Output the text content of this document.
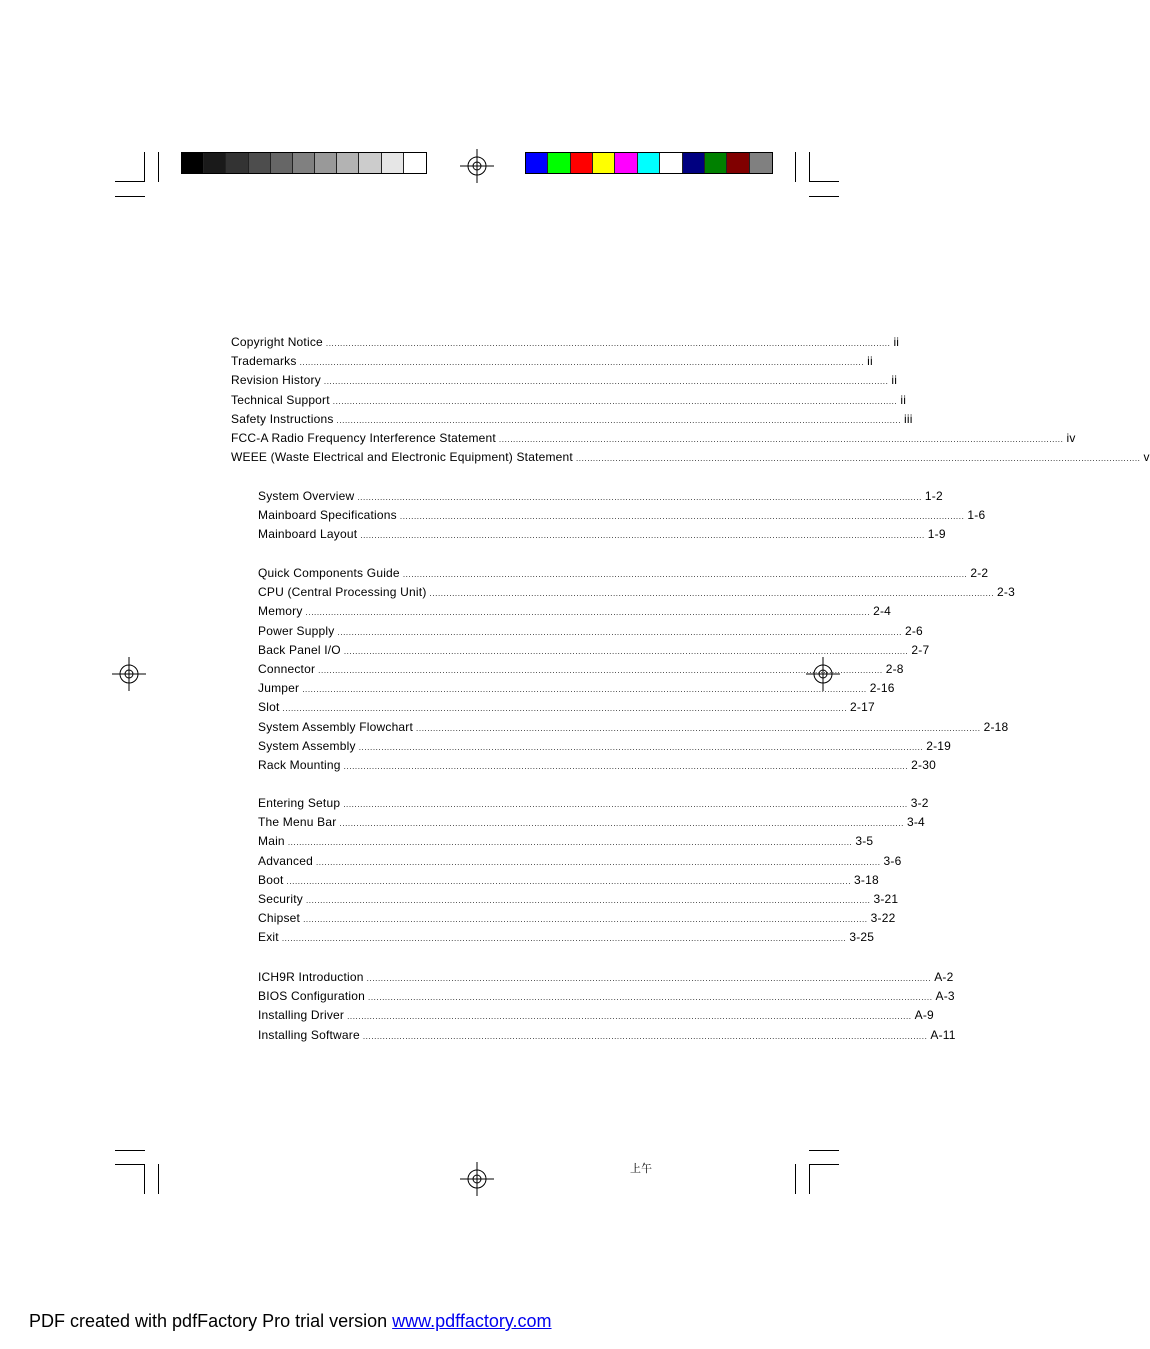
Copyright Notice ........................................................................................................................................................................................................ ii
Trademarks ........................................................................................................................................................................................................ ii
Revision History ........................................................................................................................................................................................................ ii
Technical Support ........................................................................................................................................................................................................ ii
Safety Instructions ........................................................................................................................................................................................................ iii
FCC-A Radio Frequency Interference Statement ........................................................................................................................................................................................................ iv
WEEE (Waste Electrical and Electronic Equipment) Statement ........................................................................................................................................................................................................ v
System Overview ........................................................................................................................................................................................................ 1-2
Mainboard Specifications ........................................................................................................................................................................................................ 1-6
Mainboard Layout ........................................................................................................................................................................................................ 1-9
Quick Components Guide ........................................................................................................................................................................................................ 2-2
CPU (Central Processing Unit) ........................................................................................................................................................................................................ 2-3
Memory ........................................................................................................................................................................................................ 2-4
Power Supply ........................................................................................................................................................................................................ 2-6
Back Panel I/O ........................................................................................................................................................................................................ 2-7
Connector ........................................................................................................................................................................................................ 2-8
Jumper ........................................................................................................................................................................................................ 2-16
Slot ........................................................................................................................................................................................................ 2-17
System Assembly Flowchart ........................................................................................................................................................................................................ 2-18
System Assembly ........................................................................................................................................................................................................ 2-19
Rack Mounting ........................................................................................................................................................................................................ 2-30
Entering Setup ........................................................................................................................................................................................................ 3-2
The Menu Bar ........................................................................................................................................................................................................ 3-4
Main ........................................................................................................................................................................................................ 3-5
Advanced ........................................................................................................................................................................................................ 3-6
Boot ........................................................................................................................................................................................................ 3-18
Security ........................................................................................................................................................................................................ 3-21
Chipset ........................................................................................................................................................................................................ 3-22
Exit ........................................................................................................................................................................................................ 3-25
ICH9R Introduction ........................................................................................................................................................................................................ A-2
BIOS Configuration ........................................................................................................................................................................................................ A-3
Installing Driver ........................................................................................................................................................................................................ A-9
Installing Software ........................................................................................................................................................................................................ A-11
上午
PDF created with pdfFactory Pro trial version www.pdffactory.com
